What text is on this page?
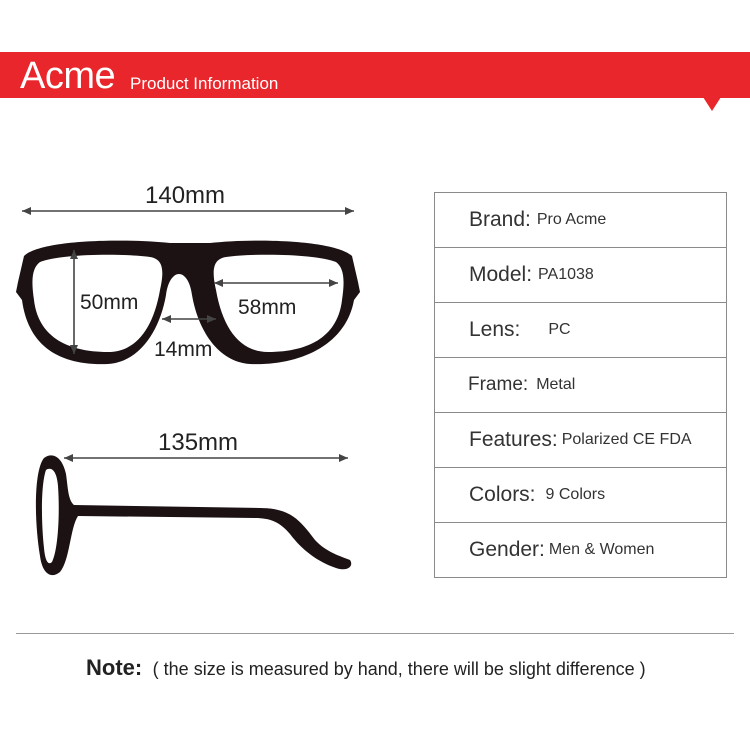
Acme Product Information
140mm
50mm	58mm
14mm
135mm
Brand: Pro Acme
Model: PA1038
Lens: PC
Frame: Metal
Features: Polarized CE FDA
Colors: 9 Colors
Gender: Men & Women
Note: ( the size is measured by hand, there will be slight difference )
